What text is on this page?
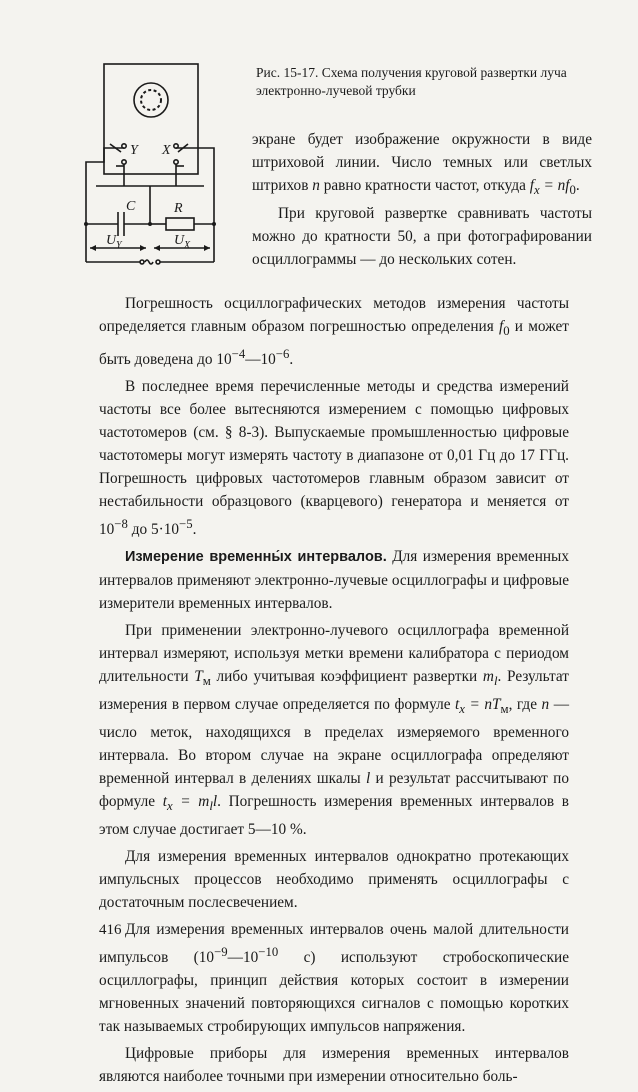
Y X
C	R
U Y	U X
Рис. 15-17. Схема получения круговой развертки луча электронно-лучевой трубки

экране будет изображение окружности в виде штриховой линии. Число темных или светлых штрихов n равно кратности частот, откуда $f_x = nf_0$.

При круговой развертке сравнивать частоты можно до кратности 50, а при фотографировании осциллограммы — до нескольких сотен.

Погрешность осциллографических методов измерения частоты определяется главным образом погрешностью определения $f_0$ и может быть доведена до $10^{-4}—10^{-6}$.

В последнее время перечисленные методы и средства измерений частоты все более вытесняются измерением с помощью цифровых частотомеров (см. § 8-3). Выпускаемые промышленностью цифровые частотомеры могут измерять частоту в диапазоне от 0,01 Гц до 17 ГГц. Погрешность цифровых частотомеров главным образом зависит от нестабильности образцового (кварцевого) генератора и меняется от $10^{-8}$ до $5\cdot 10^{-5}$.

Измерение временны́х интервалов. Для измерения временных интервалов применяют электронно-лучевые осциллографы и цифровые измерители временных интервалов.

При применении электронно-лучевого осциллографа временной интервал измеряют, используя метки времени калибратора с периодом длительности $T_м$ либо учитывая коэффициент развертки $m_l$. Результат измерения в первом случае определяется по формуле $t_x = nT_м$, где n — число меток, находящихся в пределах измеряемого временного интервала. Во втором случае на экране осциллографа определяют временной интервал в делениях шкалы l и результат рассчитывают по формуле $t_x = m_ll$. Погрешность измерения временных интервалов в этом случае достигает 5—10 %.

Для измерения временных интервалов однократно протекающих импульсных процессов необходимо применять осциллографы с достаточным послесвечением.

Для измерения временных интервалов очень малой длительности импульсов ($10^{-9}—10^{-10}$ с) используют стробоскопические осциллографы, принцип действия которых состоит в измерении мгновенных значений повторяющихся сигналов с помощью коротких так называемых стробирующих импульсов напряжения.

Цифровые приборы для измерения временных интервалов являются наиболее точными при измерении относительно боль-

416
